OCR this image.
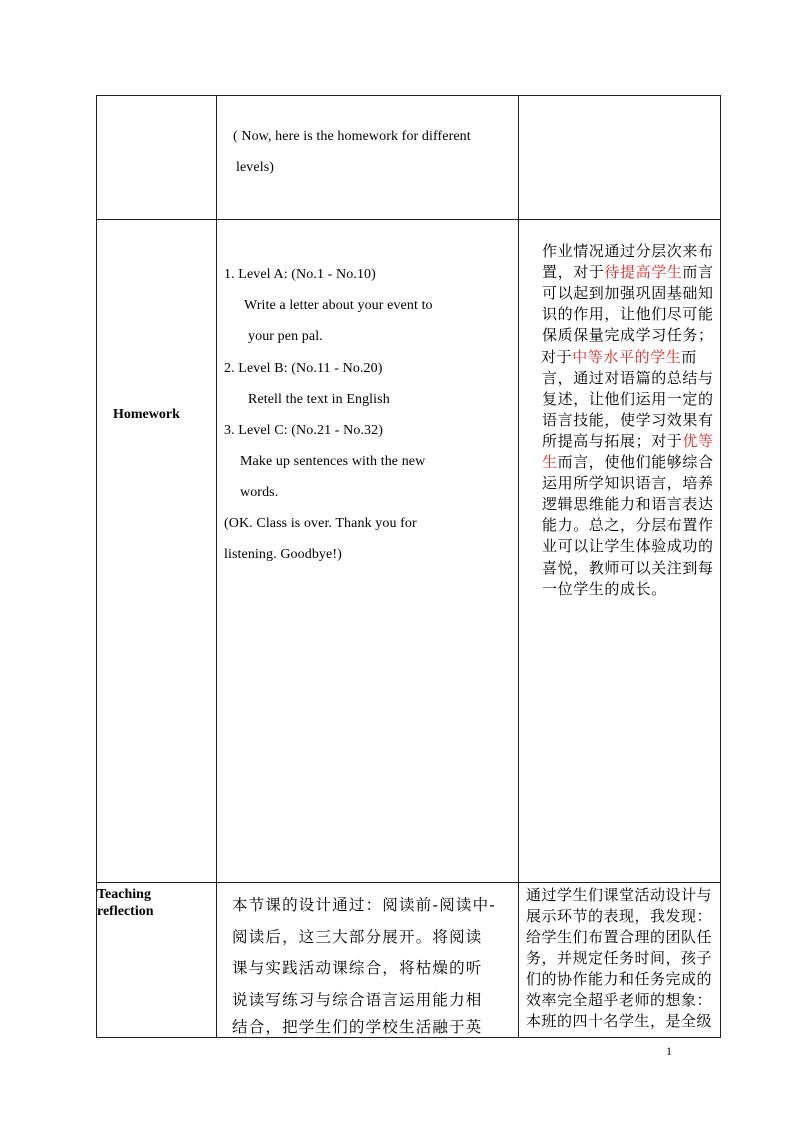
( Now, here is the homework for different
levels)
Homework
1. Level A: (No.1 - No.10)
Write a letter about your event to
your pen pal.
2. Level B: (No.11 - No.20)
Retell the text in English
3. Level C: (No.21 - No.32)
Make up sentences with the new
words.
(OK. Class is over. Thank you for
listening. Goodbye!)
作业情况通过分层次来布
置，对于待提高学生而言
可以起到加强巩固基础知
识的作用，让他们尽可能
保质保量完成学习任务；
对于中等水平的学生而
言，通过对语篇的总结与
复述，让他们运用一定的
语言技能，使学习效果有
所提高与拓展；对于优等
生而言，使他们能够综合
运用所学知识语言，培养
逻辑思维能力和语言表达
能力。总之，分层布置作
业可以让学生体验成功的
喜悦，教师可以关注到每
一位学生的成长。
Teaching
reflection	本节课的设计通过：阅读前-阅读中-
阅读后，这三大部分展开。将阅读
课与实践活动课综合，将枯燥的听
说读写练习与综合语言运用能力相
结合，把学生们的学校生活融于英
通过学生们课堂活动设计与
展示环节的表现，我发现：
给学生们布置合理的团队任
务，并规定任务时间，孩子
们的协作能力和任务完成的
效率完全超乎老师的想象：
本班的四十名学生，是全级
1
